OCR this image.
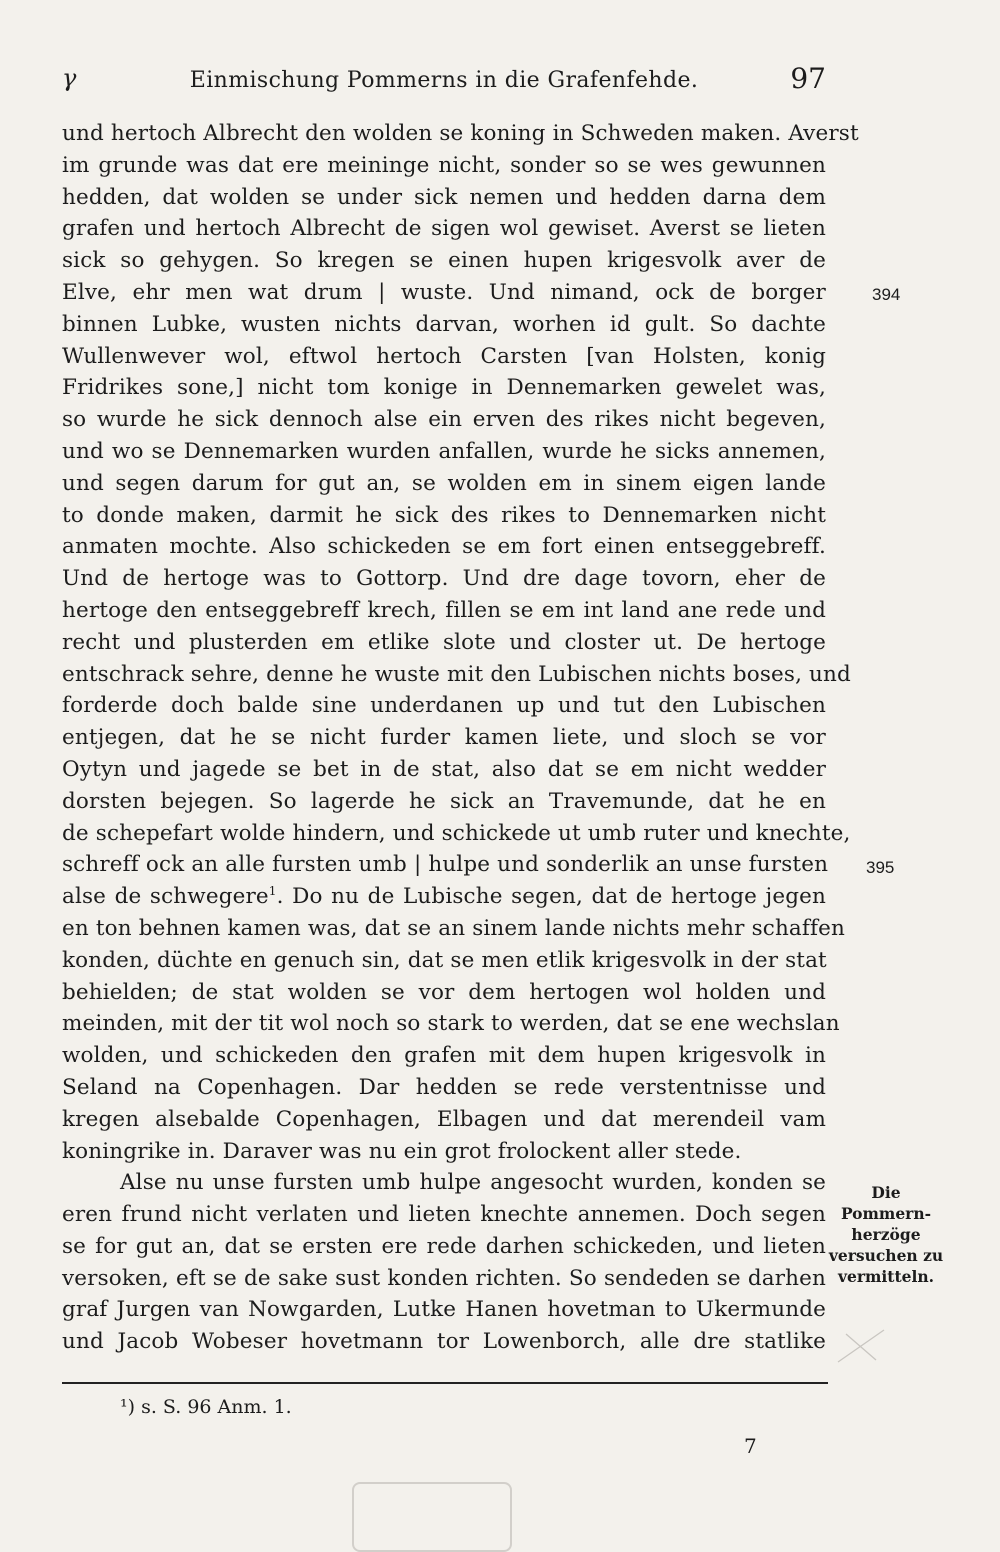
γ	Einmischung Pommerns in die Grafenfehde.	97
und hertoch Albrecht den wolden se koning in Schweden maken. Averst
im grunde was dat ere meininge nicht, sonder so se wes gewunnen
hedden, dat wolden se under sick nemen und hedden darna dem
grafen und hertoch Albrecht de sigen wol gewiset. Averst se lieten
sick so gehygen. So kregen se einen hupen krigesvolk aver de
Elve, ehr men wat drum | wuste. Und nimand, ock de borger
binnen Lubke, wusten nichts darvan, worhen id gult. So dachte
Wullenwever wol, eftwol hertoch Carsten [van Holsten, konig
Fridrikes sone,] nicht tom konige in Dennemarken gewelet was,
so wurde he sick dennoch alse ein erven des rikes nicht begeven,
und wo se Dennemarken wurden anfallen, wurde he sicks annemen,
und segen darum for gut an, se wolden em in sinem eigen lande
to donde maken, darmit he sick des rikes to Dennemarken nicht
anmaten mochte. Also schickeden se em fort einen entseggebreff.
Und de hertoge was to Gottorp. Und dre dage tovorn, eher de
hertoge den entseggebreff krech, fillen se em int land ane rede und
recht und plusterden em etlike slote und closter ut. De hertoge
entschrack sehre, denne he wuste mit den Lubischen nichts boses, und
forderde doch balde sine underdanen up und tut den Lubischen
entjegen, dat he se nicht furder kamen liete, und sloch se vor
Oytyn und jagede se bet in de stat, also dat se em nicht wedder
dorsten bejegen. So lagerde he sick an Travemunde, dat he en
de schepefart wolde hindern, und schickede ut umb ruter und knechte,
schreff ock an alle fursten umb | hulpe und sonderlik an unse fursten
alse de schwegere$^1$. Do nu de Lubische segen, dat de hertoge jegen
en ton behnen kamen was, dat se an sinem lande nichts mehr schaffen
konden, düchte en genuch sin, dat se men etlik krigesvolk in der stat
behielden; de stat wolden se vor dem hertogen wol holden und
meinden, mit der tit wol noch so stark to werden, dat se ene wechslan
wolden, und schickeden den grafen mit dem hupen krigesvolk in
Seland na Copenhagen. Dar hedden se rede verstentnisse und
kregen alsebalde Copenhagen, Elbagen und dat merendeil vam
koningrike in. Daraver was nu ein grot frolockent aller stede.
Alse nu unse fursten umb hulpe angesocht wurden, konden se
eren frund nicht verlaten und lieten knechte annemen. Doch segen
se for gut an, dat se ersten ere rede darhen schickeden, und lieten
versoken, eft se de sake sust konden richten. So sendeden se darhen
graf Jurgen van Nowgarden, Lutke Hanen hovetman to Ukermunde
und Jacob Wobeser hovetmann tor Lowenborch, alle dre statlike
394
395
Die
Pommern-
herzöge
versuchen zu
vermitteln.
¹) s. S. 96 Anm. 1.
7
